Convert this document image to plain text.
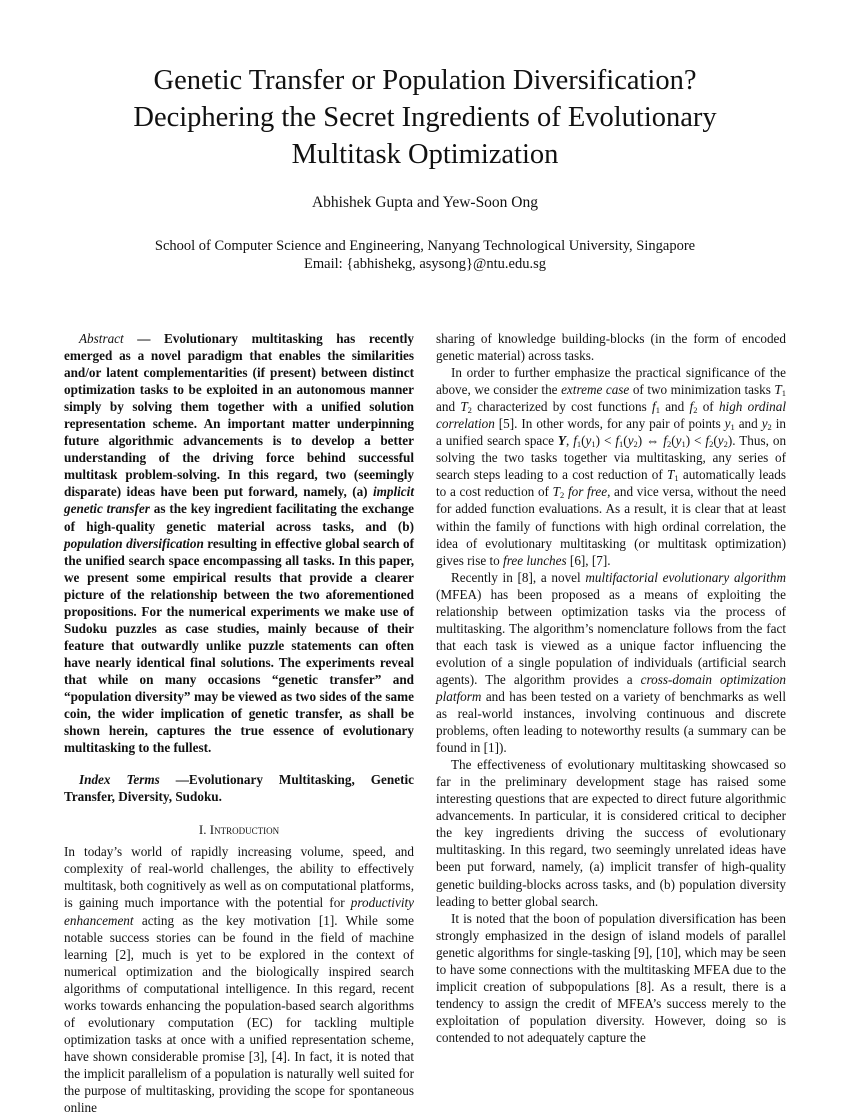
Genetic Transfer or Population Diversification?
Deciphering the Secret Ingredients of Evolutionary
Multitask Optimization
Abhishek Gupta and Yew-Soon Ong
School of Computer Science and Engineering, Nanyang Technological University, Singapore
Email: {abhishekg, asysong}@ntu.edu.sg

Abstract — Evolutionary multitasking has recently emerged as a novel paradigm that enables the similarities and/or latent complementarities (if present) between distinct optimization tasks to be exploited in an autonomous manner simply by solving them together with a unified solution representation scheme. An important matter underpinning future algorithmic advancements is to develop a better understanding of the driving force behind successful multitask problem-solving. In this regard, two (seemingly disparate) ideas have been put forward, namely, (a) implicit genetic transfer as the key ingredient facilitating the exchange of high-quality genetic material across tasks, and (b) population diversification resulting in effective global search of the unified search space encompassing all tasks. In this paper, we present some empirical results that provide a clearer picture of the relationship between the two aforementioned propositions. For the numerical experiments we make use of Sudoku puzzles as case studies, mainly because of their feature that outwardly unlike puzzle statements can often have nearly identical final solutions. The experiments reveal that while on many occasions “genetic transfer” and “population diversity” may be viewed as two sides of the same coin, the wider implication of genetic transfer, as shall be shown herein, captures the true essence of evolutionary multitasking to the fullest.

Index Terms —Evolutionary Multitasking, Genetic Transfer, Diversity, Sudoku.

I. Introduction

In today’s world of rapidly increasing volume, speed, and complexity of real-world challenges, the ability to effectively multitask, both cognitively as well as on computational platforms, is gaining much importance with the potential for productivity enhancement acting as the key motivation [1]. While some notable success stories can be found in the field of machine learning [2], much is yet to be explored in the context of numerical optimization and the biologically inspired search algorithms of computational intelligence. In this regard, recent works towards enhancing the population-based search algorithms of evolutionary computation (EC) for tackling multiple optimization tasks at once with a unified representation scheme, have shown considerable promise [3], [4]. In fact, it is noted that the implicit parallelism of a population is naturally well suited for the purpose of multitasking, providing the scope for spontaneous online

sharing of knowledge building-blocks (in the form of encoded genetic material) across tasks.

In order to further emphasize the practical significance of the above, we consider the extreme case of two minimization tasks $T_1$ and $T_2$ characterized by cost functions $f_1$ and $f_2$ of high ordinal correlation [5]. In other words, for any pair of points $y_1$ and $y_2$ in a unified search space Y, $f_1(y_1) < f_1(y_2)$ ⇔ $f_2(y_1) < f_2(y_2)$. Thus, on solving the two tasks together via multitasking, any series of search steps leading to a cost reduction of $T_1$ automatically leads to a cost reduction of $T_2$ for free, and vice versa, without the need for added function evaluations. As a result, it is clear that at least within the family of functions with high ordinal correlation, the idea of evolutionary multitasking (or multitask optimization) gives rise to free lunches [6], [7].

Recently in [8], a novel multifactorial evolutionary algorithm (MFEA) has been proposed as a means of exploiting the relationship between optimization tasks via the process of multitasking. The algorithm’s nomenclature follows from the fact that each task is viewed as a unique factor influencing the evolution of a single population of individuals (artificial search agents). The algorithm provides a cross-domain optimization platform and has been tested on a variety of benchmarks as well as real-world instances, involving continuous and discrete problems, often leading to noteworthy results (a summary can be found in [1]).

The effectiveness of evolutionary multitasking showcased so far in the preliminary development stage has raised some interesting questions that are expected to direct future algorithmic advancements. In particular, it is considered critical to decipher the key ingredients driving the success of evolutionary multitasking. In this regard, two seemingly unrelated ideas have been put forward, namely, (a) implicit transfer of high-quality genetic building-blocks across tasks, and (b) population diversity leading to better global search.

It is noted that the boon of population diversification has been strongly emphasized in the design of island models of parallel genetic algorithms for single-tasking [9], [10], which may be seen to have some connections with the multitasking MFEA due to the implicit creation of subpopulations [8]. As a result, there is a tendency to assign the credit of MFEA’s success merely to the exploitation of population diversity. However, doing so is contended to not adequately capture the
